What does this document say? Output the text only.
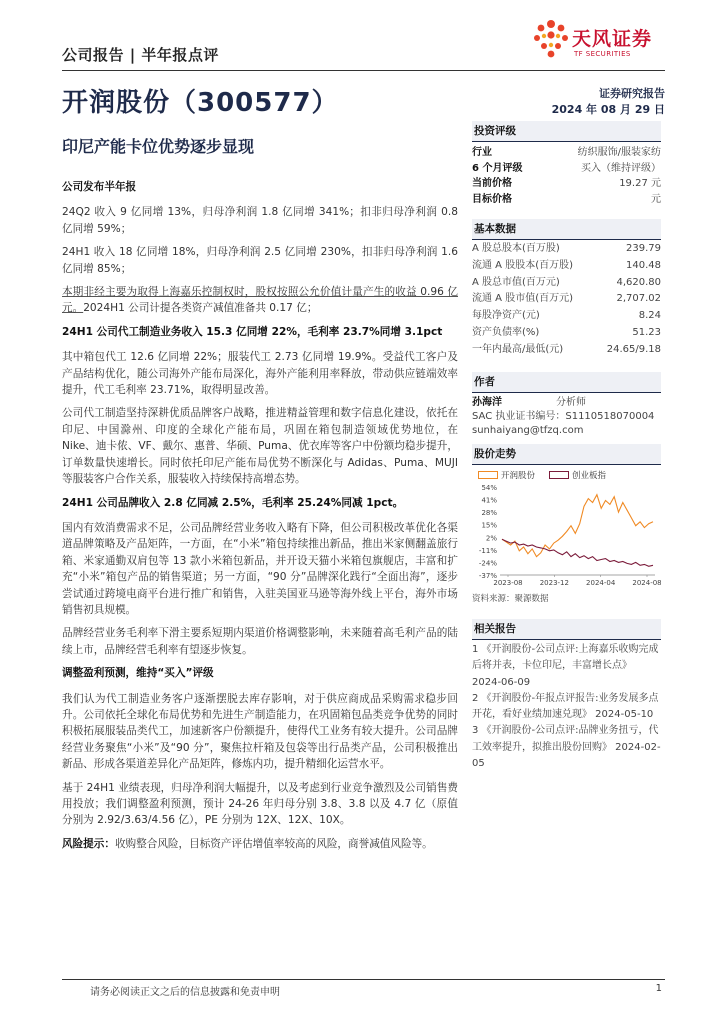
公司报告 | 半年报点评
天风证券
TF SECURITIES
开润股份（300577）	证券研究报告
2024 年 08 月 29 日
印尼产能卡位优势逐步显现
公司发布半年报

24Q2 收入 9 亿同增 13%，归母净利润 1.8 亿同增 341%；扣非归母净利润 0.8 亿同增 59%；

24H1 收入 18 亿同增 18%，归母净利润 2.5 亿同增 230%，扣非归母净利润 1.6 亿同增 85%；

本期非经主要为取得上海嘉乐控制权时，股权按照公允价值计量产生的收益 0.96 亿元。2024H1 公司计提各类资产减值准备共 0.17 亿；

24H1 公司代工制造业务收入 15.3 亿同增 22%，毛利率 23.7%同增 3.1pct

其中箱包代工 12.6 亿同增 22%；服装代工 2.73 亿同增 19.9%。受益代工客户及产品结构优化，随公司海外产能布局深化，海外产能利用率释放，带动供应链端效率提升，代工毛利率 23.71%，取得明显改善。

公司代工制造坚持深耕优质品牌客户战略，推进精益管理和数字信息化建设，依托在印尼、中国滁州、印度的全球化产能布局，巩固在箱包制造领域优势地位，在 Nike、迪卡侬、VF、戴尔、惠普、华硕、Puma、优衣库等客户中份额均稳步提升，订单数量快速增长。同时依托印尼产能布局优势不断深化与 Adidas、Puma、MUJI 等服装客户合作关系，服装收入持续保持高增态势。

24H1 公司品牌收入 2.8 亿同减 2.5%，毛利率 25.24%同减 1pct。

国内有效消费需求不足，公司品牌经营业务收入略有下降，但公司积极改革优化各渠道品牌策略及产品矩阵，一方面，在“小米”箱包持续推出新品，推出米家侧翻盖旅行箱、米家通勤双肩包等 13 款小米箱包新品，并开设天猫小米箱包旗舰店，丰富和扩充“小米”箱包产品的销售渠道；另一方面，“90 分”品牌深化践行“全面出海”，逐步尝试通过跨境电商平台进行推广和销售，入驻美国亚马逊等海外线上平台，海外市场销售初具规模。

品牌经营业务毛利率下滑主要系短期内渠道价格调整影响，未来随着高毛利产品的陆续上市，品牌经营毛利率有望逐步恢复。

调整盈利预测，维持“买入”评级

我们认为代工制造业务客户逐渐摆脱去库存影响，对于供应商成品采购需求稳步回升。公司依托全球化布局优势和先进生产制造能力，在巩固箱包品类竞争优势的同时积极拓展服装品类代工，加速新客户份额提升，使得代工业务有较大提升。公司品牌经营业务聚焦“小米”及“90 分”，聚焦拉杆箱及包袋等出行品类产品，公司积极推出新品、形成各渠道差异化产品矩阵，修炼内功，提升精细化运营水平。

基于 24H1 业绩表现，归母净利润大幅提升，以及考虑到行业竞争激烈及公司销售费用投放；我们调整盈利预测，预计 24-26 年归母分别 3.8、3.8 以及 4.7 亿（原值分别为 2.92/3.63/4.56 亿），PE 分别为 12X、12X、10X。

风险提示：收购整合风险，目标资产评估增值率较高的风险，商誉减值风险等。

投资评级
行业	纺织服饰/服装家纺
6 个月评级	买入（维持评级）
当前价格	19.27 元
目标价格	元
基本数据
A 股总股本(百万股)	239.79
流通 A 股股本(百万股)	140.48
A 股总市值(百万元)	4,620.80
流通 A 股市值(百万元)	2,707.02
每股净资产(元)	8.24
资产负债率(%)	51.23
一年内最高/最低(元)	24.65/9.18
作者
孙海洋	分析师
SAC 执业证书编号：S1110518070004
sunhaiyang@tfzq.com
股价走势
开润股份	创业板指
54%
41%
28%
15%
2%
-11%
-24%
-37%
2023-08 2023-12 2024-04 2024-08
资料来源：聚源数据
相关报告
1 《开润股份-公司点评:上海嘉乐收购完成后将并表，卡位印尼，丰富增长点》 2024-06-09
2 《开润股份-年报点评报告:业务发展多点开花，看好业绩加速兑现》 2024-05-10
3 《开润股份-公司点评:品牌业务扭亏，代工效率提升，拟推出股份回购》 2024-02-05
请务必阅读正文之后的信息披露和免责申明	1
